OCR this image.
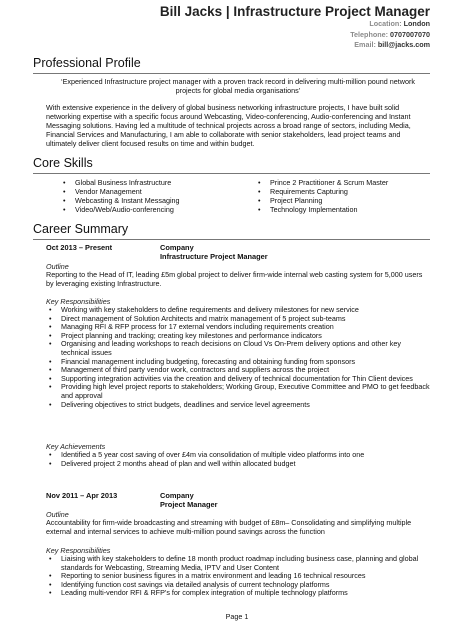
Bill Jacks | Infrastructure Project Manager
Location: London
Telephone: 0707007070
Email: bill@jacks.com
Professional Profile
‘Experienced Infrastructure project manager with a proven track record in delivering multi-million pound network projects for global media organisations’
With extensive experience in the delivery of global business networking infrastructure projects, I have built solid networking expertise with a specific focus around Webcasting, Video-conferencing, Audio-conferencing and Instant Messaging solutions. Having led a multitude of technical projects across a broad range of sectors, including Media, Financial Services and Manufacturing, I am able to collaborate with senior stakeholders, lead project teams and ultimately deliver client focused results on time and within budget.
Core Skills
• Global Business Infrastructure
• Vendor Management
• Webcasting & Instant Messaging
• Video/Web/Audio-conferencing
• Prince 2 Practitioner & Scrum Master
• Requirements Capturing
• Project Planning
• Technology Implementation
Career Summary
Oct 2013 – Present	Company
Infrastructure Project Manager
Outline
Reporting to the Head of IT, leading £5m global project to deliver firm-wide internal web casting system for 5,000 users by leveraging existing Infrastructure.
Key Responsibilities
• Working with key stakeholders to define requirements and delivery milestones for new service
• Direct management of Solution Architects and matrix management of 5 project sub-teams
• Managing RFI & RFP process for 17 external vendors including requirements creation
• Project planning and tracking; creating key milestones and performance indicators
• Organising and leading workshops to reach decisions on Cloud Vs On-Prem delivery options and other key technical issues
• Financial management including budgeting, forecasting and obtaining funding from sponsors
• Management of third party vendor work, contractors and suppliers across the project
• Supporting integration activities via the creation and delivery of technical documentation for Thin Client devices
• Providing high level project reports to stakeholders; Working Group, Executive Committee and PMO to get feedback and approval
• Delivering objectives to strict budgets, deadlines and service level agreements
Key Achievements
• Identified a 5 year cost saving of over £4m via consolidation of multiple video platforms into one
• Delivered project 2 months ahead of plan and well within allocated budget
Nov 2011 – Apr 2013	Company
Project Manager
Outline
Accountability for firm-wide broadcasting and streaming with budget of £8m– Consolidating and simplifying multiple external and internal services to achieve multi-million pound savings across the function
Key Responsibilities
• Liaising with key stakeholders to define 18 month product roadmap including business case, planning and global standards for Webcasting, Streaming Media, IPTV and User Content
• Reporting to senior business figures in a matrix environment and leading 16 technical resources
• Identifying function cost savings via detailed analysis of current technology platforms
• Leading multi-vendor RFI & RFP’s for complex integration of multiple technology platforms
Page 1
